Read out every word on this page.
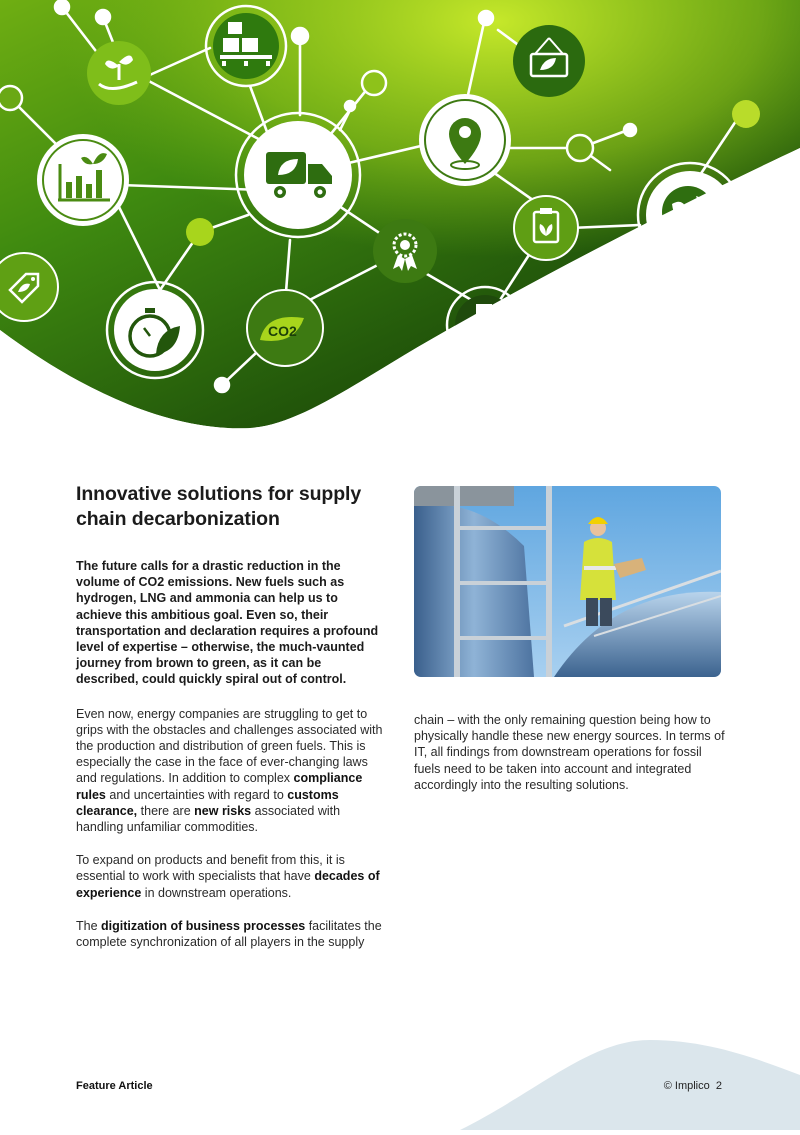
CO2
Innovative solutions for supply chain decarbonization

The future calls for a drastic reduction in the volume of CO2 emissions. New fuels such as hydrogen, LNG and ammonia can help us to achieve this ambitious goal. Even so, their transportation and declaration requires a profound level of expertise – otherwise, the much-vaunted journey from brown to green, as it can be described, could quickly spiral out of control.

Even now, energy companies are struggling to get to grips with the obstacles and challenges associated with the production and distribution of green fuels. This is especially the case in the face of ever-changing laws and regulations. In addition to complex compliance rules and uncertainties with regard to customs clearance, there are new risks associated with handling unfamiliar commodities.

To expand on products and benefit from this, it is essential to work with specialists that have decades of experience in downstream operations.

The digitization of business processes facilitates the complete synchronization of all players in the supply

chain – with the only remaining question being how to physically handle these new energy sources. In terms of IT, all findings from downstream operations for fossil fuels need to be taken into account and integrated accordingly into the resulting solutions.

Feature Article	© Implico 2
